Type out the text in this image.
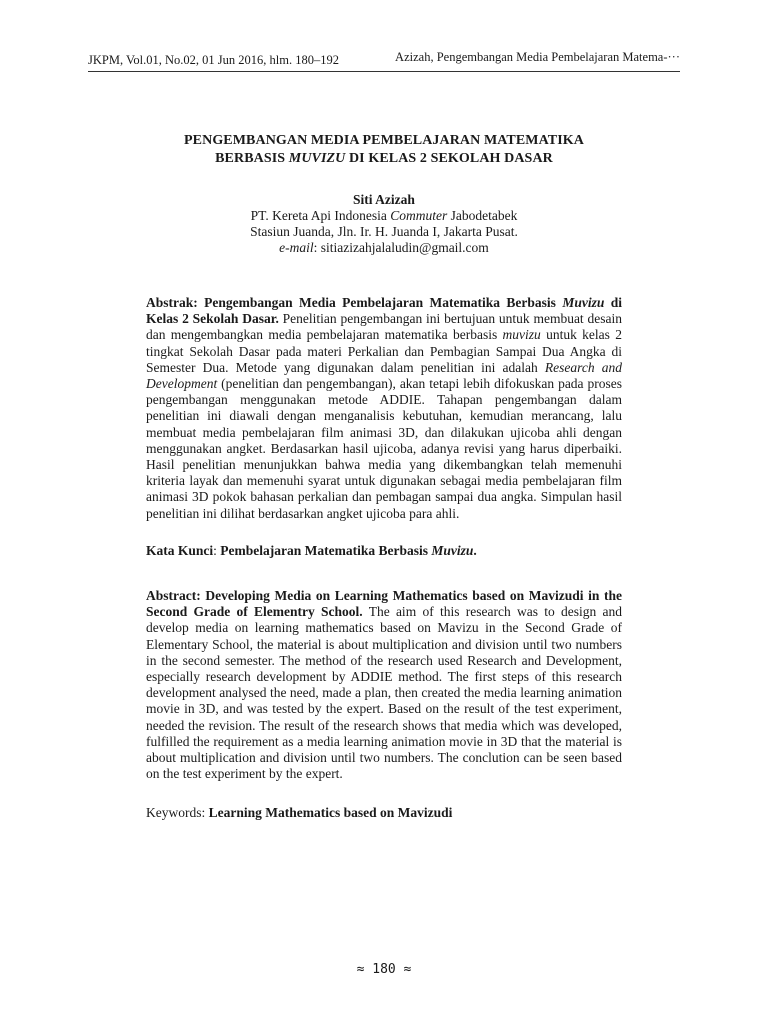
JKPM, Vol.01, No.02, 01 Jun 2016, hlm. 180–192	Azizah, Pengembangan Media Pembelajaran Matema-···
PENGEMBANGAN MEDIA PEMBELAJARAN MATEMATIKA
BERBASIS MUVIZU DI KELAS 2 SEKOLAH DASAR
Siti Azizah
PT. Kereta Api Indonesia Commuter Jabodetabek
Stasiun Juanda, Jln. Ir. H. Juanda I, Jakarta Pusat.
e-mail: sitiazizahjalaludin@gmail.com
Abstrak: Pengembangan Media Pembelajaran Matematika Berbasis Muvizu di Kelas 2 Sekolah Dasar. Penelitian pengembangan ini bertujuan untuk membuat desain dan mengembangkan media pembelajaran matematika berbasis muvizu untuk kelas 2 tingkat Sekolah Dasar pada materi Perkalian dan Pembagian Sampai Dua Angka di Semester Dua. Metode yang digunakan dalam penelitian ini adalah Research and Development (penelitian dan pengembangan), akan tetapi lebih difokuskan pada proses pengembangan menggunakan metode ADDIE. Tahapan pengembangan dalam penelitian ini diawali dengan menganalisis kebutuhan, kemudian merancang, lalu membuat media pembelajaran film animasi 3D, dan dilakukan ujicoba ahli dengan menggunakan angket. Berdasarkan hasil ujicoba, adanya revisi yang harus diperbaiki. Hasil penelitian menunjukkan bahwa media yang dikembangkan telah memenuhi kriteria layak dan memenuhi syarat untuk digunakan sebagai media pembelajaran film animasi 3D pokok bahasan perkalian dan pembagan sampai dua angka. Simpulan hasil penelitian ini dilihat berdasarkan angket ujicoba para ahli.
Kata Kunci: Pembelajaran Matematika Berbasis Muvizu.
Abstract: Developing Media on Learning Mathematics based on Mavizudi in the Second Grade of Elementry School. The aim of this research was to design and develop media on learning mathematics based on Mavizu in the Second Grade of Elementary School, the material is about multiplication and division until two numbers in the second semester. The method of the research used Research and Development, especially research development by ADDIE method. The first steps of this research development analysed the need, made a plan, then created the media learning animation movie in 3D, and was tested by the expert. Based on the result of the test experiment, needed the revision. The result of the research shows that media which was developed, fulfilled the requirement as a media learning animation movie in 3D that the material is about multiplication and division until two numbers. The conclution can be seen based on the test experiment by the expert.
Keywords: Learning Mathematics based on Mavizudi
≈ 180 ≈
